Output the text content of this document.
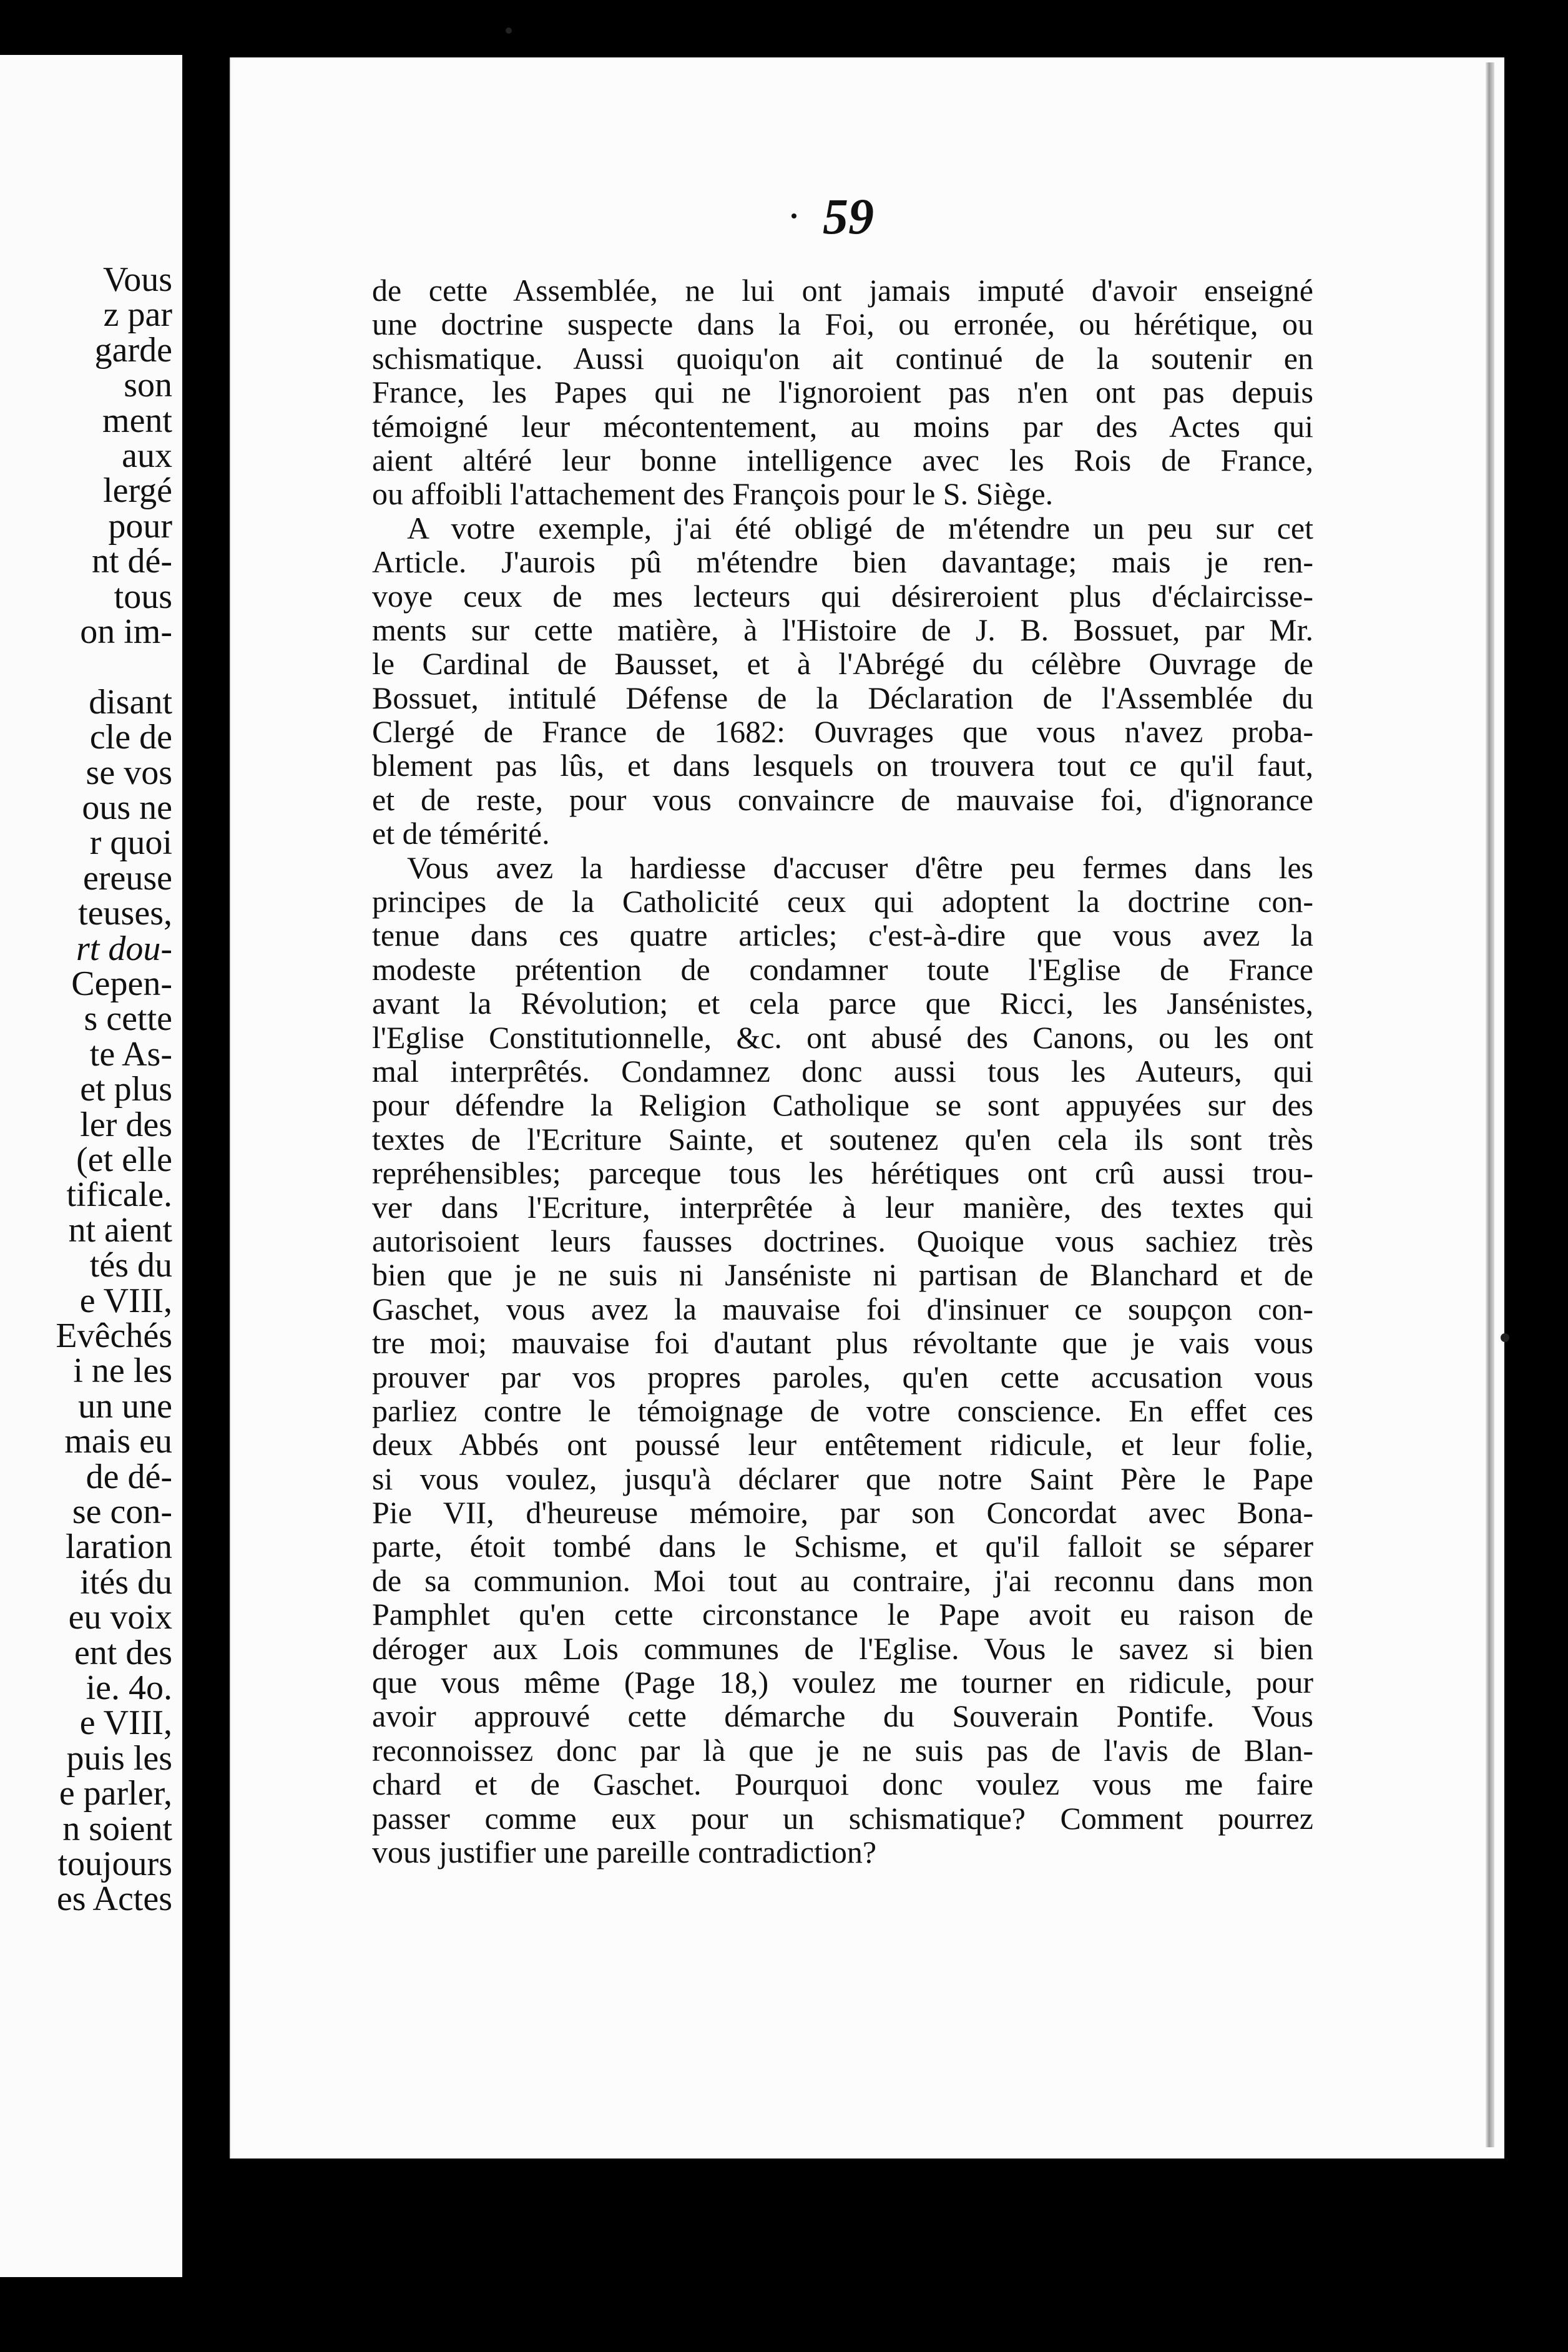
Vous
z par
garde
son
ment
aux
lergé
pour
nt dé-
tous
on im-
disant
cle de
se vos
ous ne
r quoi
ereuse
teuses,
rt dou-
Cepen-
s cette
te As-
et plus
ler des
(et elle
tificale.
nt aient
tés du
e VIII,
Evêchés
i ne les
un une
mais eu
de dé-
se con-
laration
ités du
eu voix
ent des
ie. 4o.
e VIII,
puis les
e parler,
n soient
toujours
es Actes
59
de cette Assemblée, ne lui ont jamais imputé d'avoir enseigné
une doctrine suspecte dans la Foi, ou erronée, ou hérétique, ou
schismatique. Aussi quoiqu'on ait continué de la soutenir en
France, les Papes qui ne l'ignoroient pas n'en ont pas depuis
témoigné leur mécontentement, au moins par des Actes qui
aient altéré leur bonne intelligence avec les Rois de France,
ou affoibli l'attachement des François pour le S. Siège.
A votre exemple, j'ai été obligé de m'étendre un peu sur cet
Article. J'aurois pû m'étendre bien davantage; mais je ren-
voye ceux de mes lecteurs qui désireroient plus d'éclaircisse-
ments sur cette matière, à l'Histoire de J. B. Bossuet, par Mr.
le Cardinal de Bausset, et à l'Abrégé du célèbre Ouvrage de
Bossuet, intitulé Défense de la Déclaration de l'Assemblée du
Clergé de France de 1682: Ouvrages que vous n'avez proba-
blement pas lûs, et dans lesquels on trouvera tout ce qu'il faut,
et de reste, pour vous convaincre de mauvaise foi, d'ignorance
et de témérité.
Vous avez la hardiesse d'accuser d'être peu fermes dans les
principes de la Catholicité ceux qui adoptent la doctrine con-
tenue dans ces quatre articles; c'est-à-dire que vous avez la
modeste prétention de condamner toute l'Eglise de France
avant la Révolution; et cela parce que Ricci, les Jansénistes,
l'Eglise Constitutionnelle, &c. ont abusé des Canons, ou les ont
mal interprêtés. Condamnez donc aussi tous les Auteurs, qui
pour défendre la Religion Catholique se sont appuyées sur des
textes de l'Ecriture Sainte, et soutenez qu'en cela ils sont très
repréhensibles; parceque tous les hérétiques ont crû aussi trou-
ver dans l'Ecriture, interprêtée à leur manière, des textes qui
autorisoient leurs fausses doctrines. Quoique vous sachiez très
bien que je ne suis ni Janséniste ni partisan de Blanchard et de
Gaschet, vous avez la mauvaise foi d'insinuer ce soupçon con-
tre moi; mauvaise foi d'autant plus révoltante que je vais vous
prouver par vos propres paroles, qu'en cette accusation vous
parliez contre le témoignage de votre conscience. En effet ces
deux Abbés ont poussé leur entêtement ridicule, et leur folie,
si vous voulez, jusqu'à déclarer que notre Saint Père le Pape
Pie VII, d'heureuse mémoire, par son Concordat avec Bona-
parte, étoit tombé dans le Schisme, et qu'il falloit se séparer
de sa communion. Moi tout au contraire, j'ai reconnu dans mon
Pamphlet qu'en cette circonstance le Pape avoit eu raison de
déroger aux Lois communes de l'Eglise. Vous le savez si bien
que vous même (Page 18,) voulez me tourner en ridicule, pour
avoir approuvé cette démarche du Souverain Pontife. Vous
reconnoissez donc par là que je ne suis pas de l'avis de Blan-
chard et de Gaschet. Pourquoi donc voulez vous me faire
passer comme eux pour un schismatique? Comment pourrez
vous justifier une pareille contradiction?
